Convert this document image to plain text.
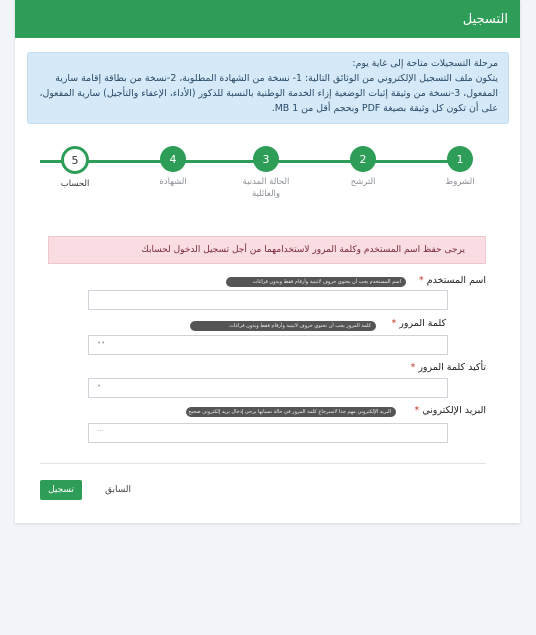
التسجيل

مرحلة التسجيلات متاحة إلى غاية يوم:

يتكون ملف التسجيل الإلكتروني من الوثائق التالية: 1- نسخة من الشهادة المطلوبة، 2-نسخة من بطاقة إقامة سارية المفعول، 3-نسخة من وثيقة إثبات الوضعية إزاء الخدمة الوطنية بالنسبة للذكور (الأداء، الإعفاء والتأجيل) سارية المفعول، على أن تكون كل وثيقة بصيغة PDF وبحجم أقل من 1 MB.

1
الشروط
2
الترشح
3
الحالة المدنية والعائلية
4
الشهادة
5
الحساب
يرجى حفظ اسم المستخدم وكلمة المرور لاستخدامهما من أجل تسجيل الدخول لحسابك
اسم المستخدم *
اسم المستخدم يجب أن يحتوي حروف لاتينية وأرقام فقط وبدون فراغات
كلمة المرور *
كلمة المرور يجب أن تحتوي حروف لاتينية وأرقام فقط وبدون فراغات
••
تأكيد كلمة المرور *
•
البريد الإلكتروني *
البريد الإلكتروني مهم جدا لاسترجاع كلمة المرور في حالة نسيانها يرجى إدخال بريد إلكتروني صحيح
···
تسجيل	السابق
